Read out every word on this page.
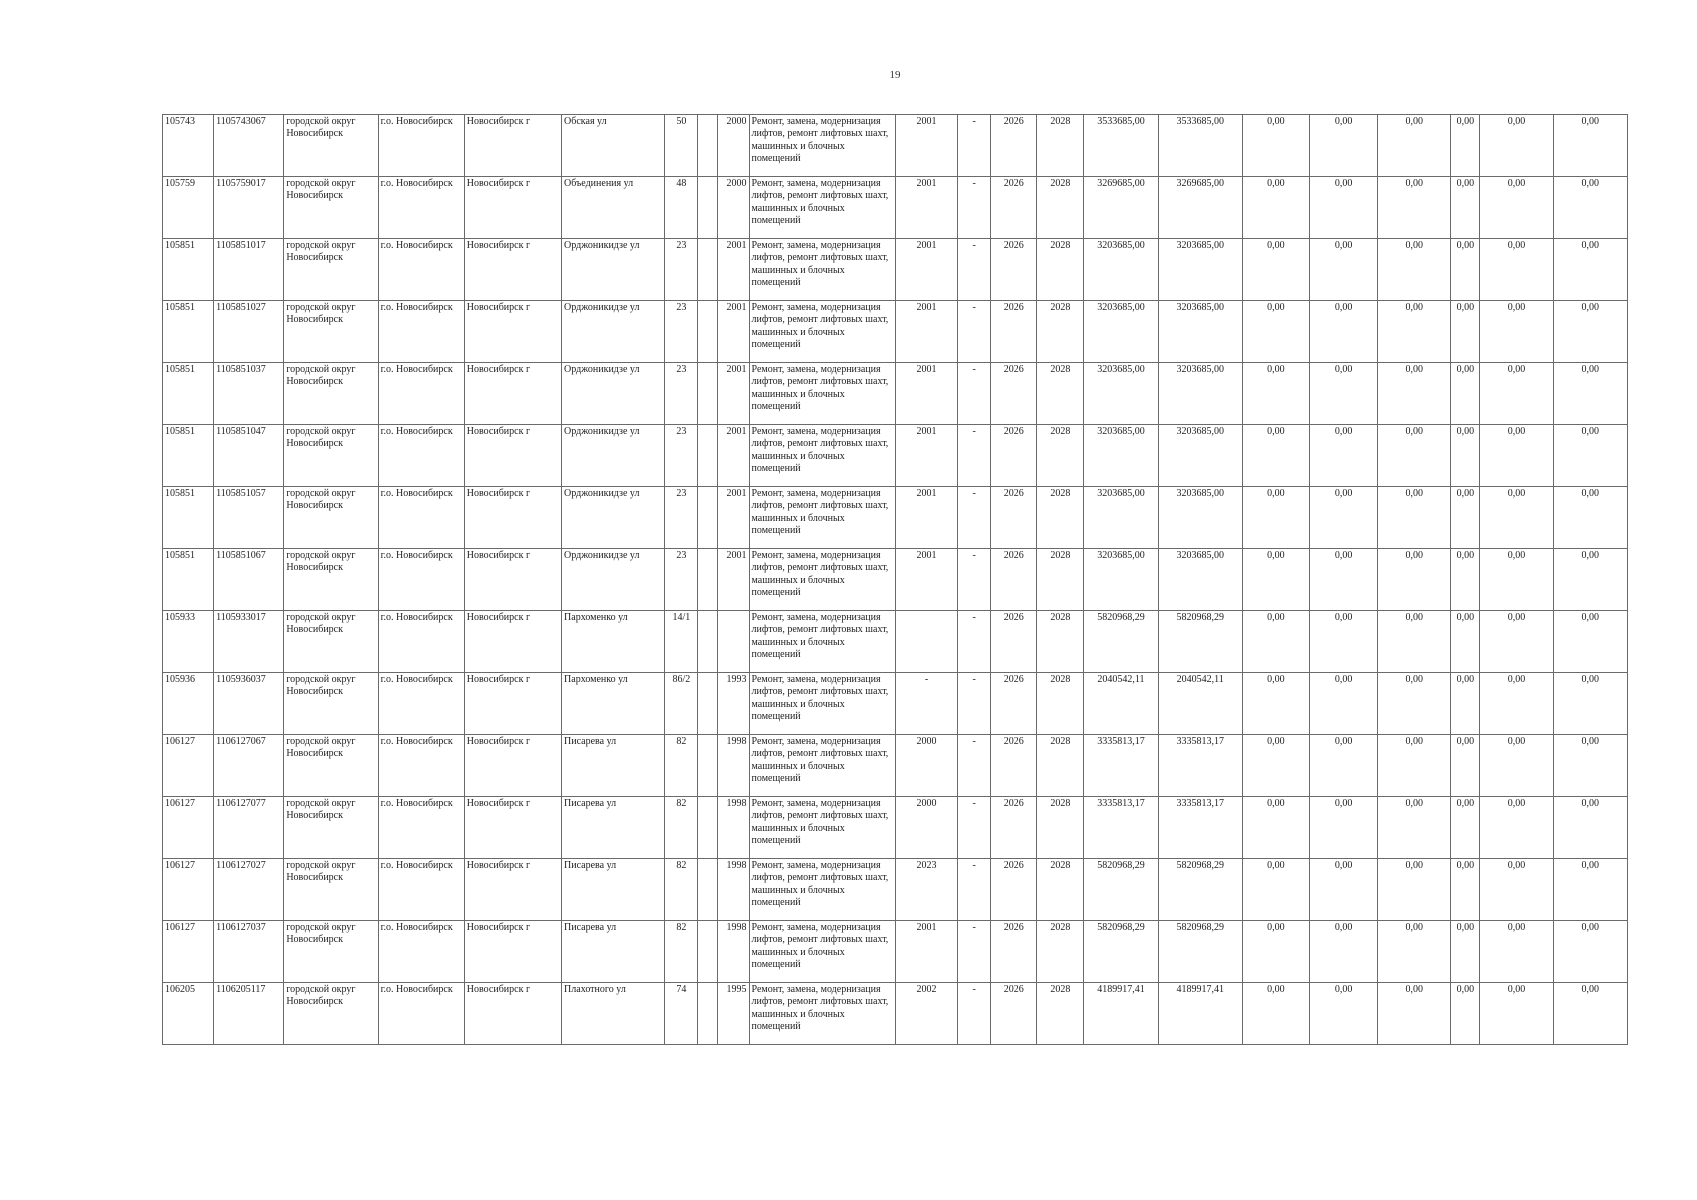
19
105743	1105743067	городской округ Новосибирск	г.о. Новосибирск	Новосибирск г	Обская ул	50		2000	Ремонт, замена, модернизация лифтов, ремонт лифтовых шахт, машинных и блочных помещений	2001	-	2026	2028	3533685,00	3533685,00	0,00	0,00	0,00	0,00	0,00	0,00
105759	1105759017	городской округ Новосибирск	г.о. Новосибирск	Новосибирск г	Объединения ул	48		2000	Ремонт, замена, модернизация лифтов, ремонт лифтовых шахт, машинных и блочных помещений	2001	-	2026	2028	3269685,00	3269685,00	0,00	0,00	0,00	0,00	0,00	0,00
105851	1105851017	городской округ Новосибирск	г.о. Новосибирск	Новосибирск г	Орджоникидзе ул	23		2001	Ремонт, замена, модернизация лифтов, ремонт лифтовых шахт, машинных и блочных помещений	2001	-	2026	2028	3203685,00	3203685,00	0,00	0,00	0,00	0,00	0,00	0,00
105851	1105851027	городской округ Новосибирск	г.о. Новосибирск	Новосибирск г	Орджоникидзе ул	23		2001	Ремонт, замена, модернизация лифтов, ремонт лифтовых шахт, машинных и блочных помещений	2001	-	2026	2028	3203685,00	3203685,00	0,00	0,00	0,00	0,00	0,00	0,00
105851	1105851037	городской округ Новосибирск	г.о. Новосибирск	Новосибирск г	Орджоникидзе ул	23		2001	Ремонт, замена, модернизация лифтов, ремонт лифтовых шахт, машинных и блочных помещений	2001	-	2026	2028	3203685,00	3203685,00	0,00	0,00	0,00	0,00	0,00	0,00
105851	1105851047	городской округ Новосибирск	г.о. Новосибирск	Новосибирск г	Орджоникидзе ул	23		2001	Ремонт, замена, модернизация лифтов, ремонт лифтовых шахт, машинных и блочных помещений	2001	-	2026	2028	3203685,00	3203685,00	0,00	0,00	0,00	0,00	0,00	0,00
105851	1105851057	городской округ Новосибирск	г.о. Новосибирск	Новосибирск г	Орджоникидзе ул	23		2001	Ремонт, замена, модернизация лифтов, ремонт лифтовых шахт, машинных и блочных помещений	2001	-	2026	2028	3203685,00	3203685,00	0,00	0,00	0,00	0,00	0,00	0,00
105851	1105851067	городской округ Новосибирск	г.о. Новосибирск	Новосибирск г	Орджоникидзе ул	23		2001	Ремонт, замена, модернизация лифтов, ремонт лифтовых шахт, машинных и блочных помещений	2001	-	2026	2028	3203685,00	3203685,00	0,00	0,00	0,00	0,00	0,00	0,00
105933	1105933017	городской округ Новосибирск	г.о. Новосибирск	Новосибирск г	Пархоменко ул	14/1			Ремонт, замена, модернизация лифтов, ремонт лифтовых шахт, машинных и блочных помещений		-	2026	2028	5820968,29	5820968,29	0,00	0,00	0,00	0,00	0,00	0,00
105936	1105936037	городской округ Новосибирск	г.о. Новосибирск	Новосибирск г	Пархоменко ул	86/2		1993	Ремонт, замена, модернизация лифтов, ремонт лифтовых шахт, машинных и блочных помещений	-	-	2026	2028	2040542,11	2040542,11	0,00	0,00	0,00	0,00	0,00	0,00
106127	1106127067	городской округ Новосибирск	г.о. Новосибирск	Новосибирск г	Писарева ул	82		1998	Ремонт, замена, модернизация лифтов, ремонт лифтовых шахт, машинных и блочных помещений	2000	-	2026	2028	3335813,17	3335813,17	0,00	0,00	0,00	0,00	0,00	0,00
106127	1106127077	городской округ Новосибирск	г.о. Новосибирск	Новосибирск г	Писарева ул	82		1998	Ремонт, замена, модернизация лифтов, ремонт лифтовых шахт, машинных и блочных помещений	2000	-	2026	2028	3335813,17	3335813,17	0,00	0,00	0,00	0,00	0,00	0,00
106127	1106127027	городской округ Новосибирск	г.о. Новосибирск	Новосибирск г	Писарева ул	82		1998	Ремонт, замена, модернизация лифтов, ремонт лифтовых шахт, машинных и блочных помещений	2023	-	2026	2028	5820968,29	5820968,29	0,00	0,00	0,00	0,00	0,00	0,00
106127	1106127037	городской округ Новосибирск	г.о. Новосибирск	Новосибирск г	Писарева ул	82		1998	Ремонт, замена, модернизация лифтов, ремонт лифтовых шахт, машинных и блочных помещений	2001	-	2026	2028	5820968,29	5820968,29	0,00	0,00	0,00	0,00	0,00	0,00
106205	1106205117	городской округ Новосибирск	г.о. Новосибирск	Новосибирск г	Плахотного ул	74		1995	Ремонт, замена, модернизация лифтов, ремонт лифтовых шахт, машинных и блочных помещений	2002	-	2026	2028	4189917,41	4189917,41	0,00	0,00	0,00	0,00	0,00	0,00
